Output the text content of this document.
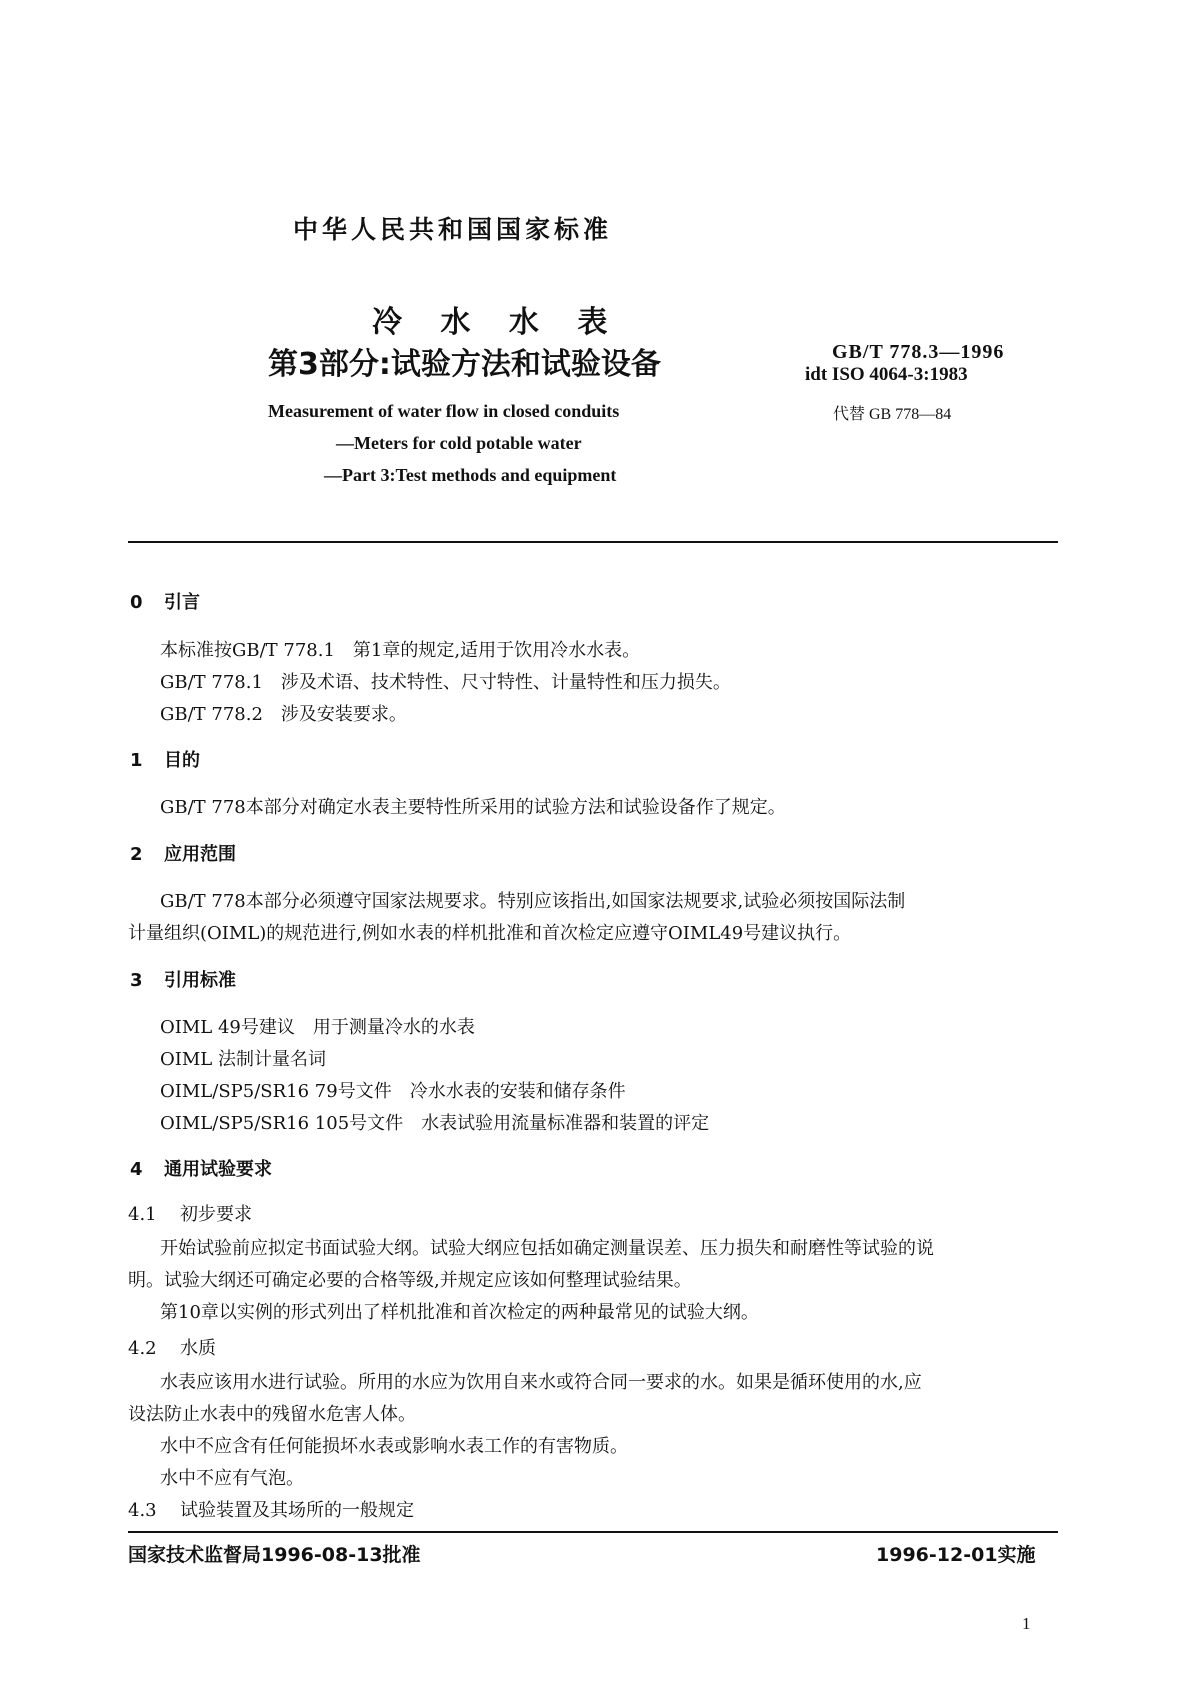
中华人民共和国国家标准
冷 水 水 表
第3部分:试验方法和试验设备	GB/T 778.3—1996
idt ISO 4064-3:1983
代替 GB 778—84
Measurement of water flow in closed conduits
—Meters for cold potable water
—Part 3:Test methods and equipment
0 引言
本标准按GB/T 778.1　第1章的规定,适用于饮用冷水水表。
GB/T 778.1　涉及术语、技术特性、尺寸特性、计量特性和压力损失。
GB/T 778.2　涉及安装要求。
1 目的
GB/T 778本部分对确定水表主要特性所采用的试验方法和试验设备作了规定。
2 应用范围
GB/T 778本部分必须遵守国家法规要求。特别应该指出,如国家法规要求,试验必须按国际法制
计量组织(OIML)的规范进行,例如水表的样机批准和首次检定应遵守OIML49号建议执行。
3 引用标准
OIML 49号建议　用于测量冷水的水表
OIML 法制计量名词
OIML/SP5/SR16 79号文件　冷水水表的安装和储存条件
OIML/SP5/SR16 105号文件　水表试验用流量标准器和装置的评定
4 通用试验要求
4.1 初步要求
开始试验前应拟定书面试验大纲。试验大纲应包括如确定测量误差、压力损失和耐磨性等试验的说
明。试验大纲还可确定必要的合格等级,并规定应该如何整理试验结果。
第10章以实例的形式列出了样机批准和首次检定的两种最常见的试验大纲。
4.2 水质
水表应该用水进行试验。所用的水应为饮用自来水或符合同一要求的水。如果是循环使用的水,应
设法防止水表中的残留水危害人体。
水中不应含有任何能损坏水表或影响水表工作的有害物质。
水中不应有气泡。
4.3 试验装置及其场所的一般规定
国家技术监督局1996-08-13批准	1996-12-01实施
1
